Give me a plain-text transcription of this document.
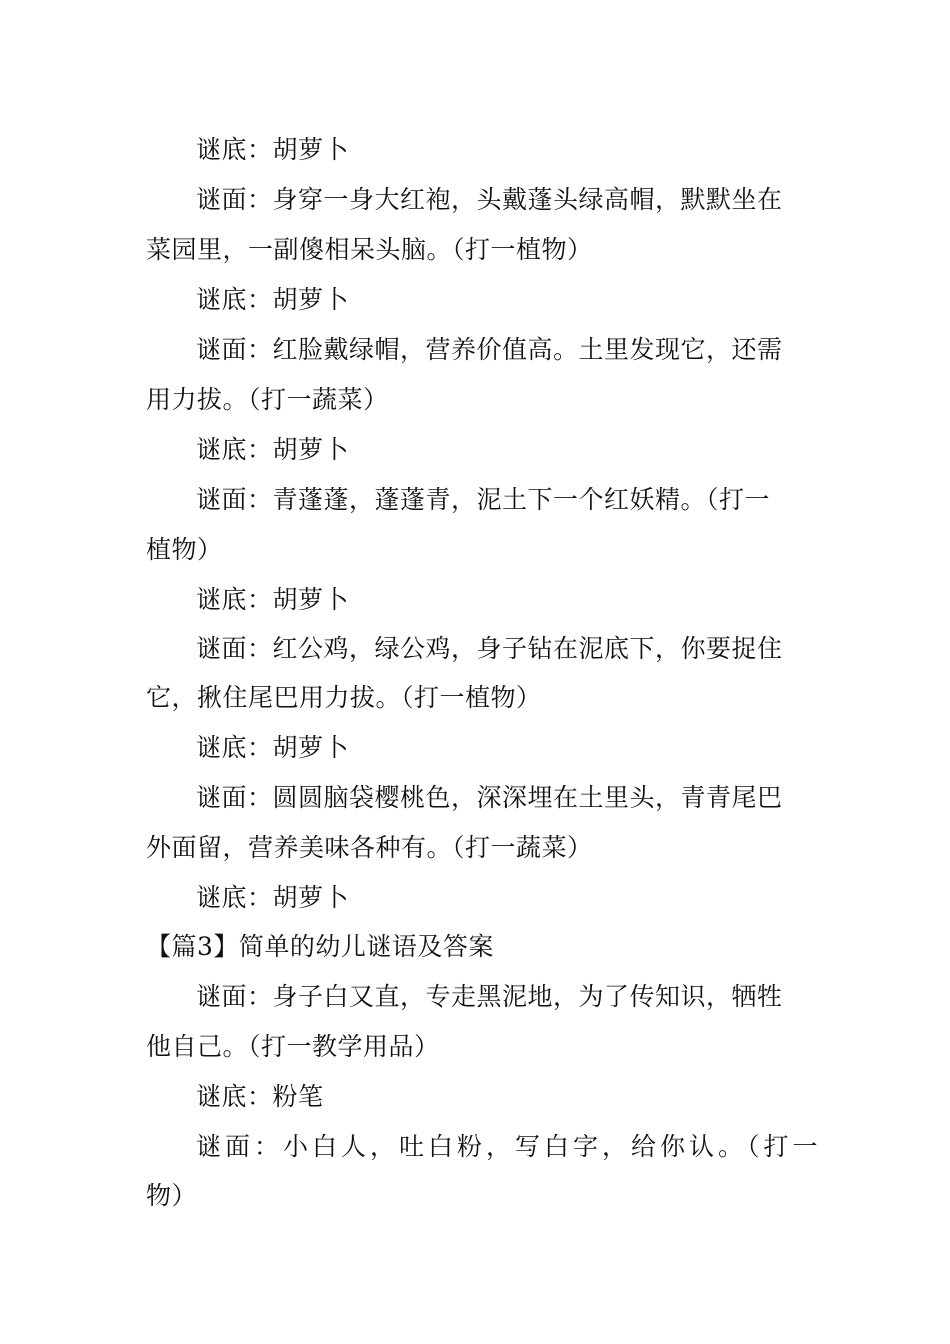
谜底：胡萝卜
谜面：身穿一身大红袍，头戴蓬头绿高帽，默默坐在
菜园里，一副傻相呆头脑。（打一植物）
谜底：胡萝卜
谜面：红脸戴绿帽，营养价值高。土里发现它，还需
用力拔。（打一蔬菜）
谜底：胡萝卜
谜面：青蓬蓬，蓬蓬青，泥土下一个红妖精。（打一
植物）
谜底：胡萝卜
谜面：红公鸡，绿公鸡，身子钻在泥底下，你要捉住
它，揪住尾巴用力拔。（打一植物）
谜底：胡萝卜
谜面：圆圆脑袋樱桃色，深深埋在土里头，青青尾巴
外面留，营养美味各种有。（打一蔬菜）
谜底：胡萝卜
【篇3】简单的幼儿谜语及答案
谜面：身子白又直，专走黑泥地，为了传知识，牺牲
他自己。（打一教学用品）
谜底：粉笔
谜面：小白人，吐白粉，写白字，给你认。（打一
物）
